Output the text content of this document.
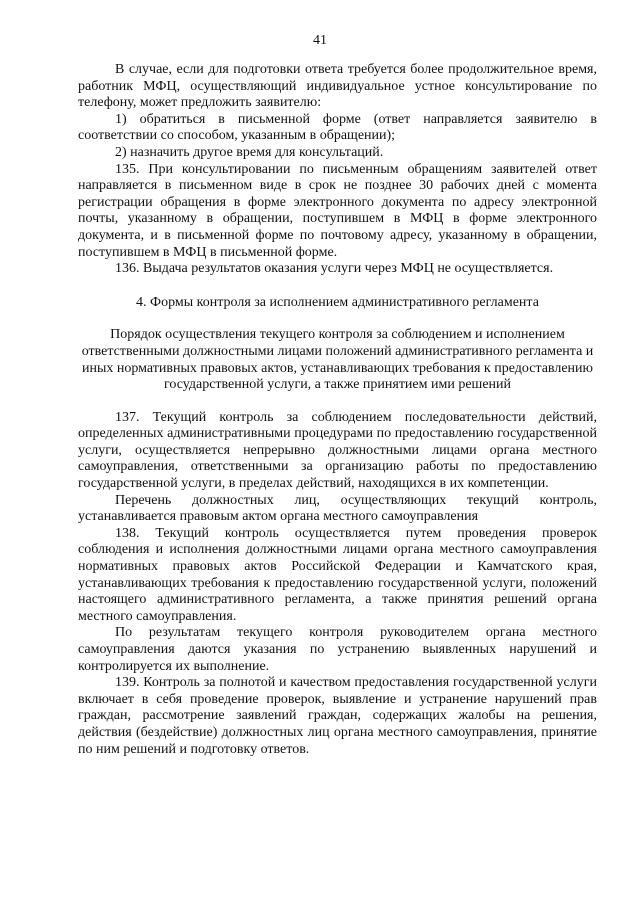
41

В случае, если для подготовки ответа требуется более продолжительное время, работник МФЦ, осуществляющий индивидуальное устное консультирование по телефону, может предложить заявителю:

1) обратиться в письменной форме (ответ направляется заявителю в соответствии со способом, указанным в обращении);

2) назначить другое время для консультаций.

135. При консультировании по письменным обращениям заявителей ответ направляется в письменном виде в срок не позднее 30 рабочих дней с момента регистрации обращения в форме электронного документа по адресу электронной почты, указанному в обращении, поступившем в МФЦ в форме электронного документа, и в письменной форме по почтовому адресу, указанному в обращении, поступившем в МФЦ в письменной форме.

136. Выдача результатов оказания услуги через МФЦ не осуществляется.

4. Формы контроля за исполнением административного регламента

Порядок осуществления текущего контроля за соблюдением и исполнением ответственными должностными лицами положений административного регламента и иных нормативных правовых актов, устанавливающих требования к предоставлению государственной услуги, а также принятием ими решений

137. Текущий контроль за соблюдением последовательности действий, определенных административными процедурами по предоставлению государственной услуги, осуществляется непрерывно должностными лицами органа местного самоуправления, ответственными за организацию работы по предоставлению государственной услуги, в пределах действий, находящихся в их компетенции.

Перечень должностных лиц, осуществляющих текущий контроль, устанавливается правовым актом органа местного самоуправления

138. Текущий контроль осуществляется путем проведения проверок соблюдения и исполнения должностными лицами органа местного самоуправления нормативных правовых актов Российской Федерации и Камчатского края, устанавливающих требования к предоставлению государственной услуги, положений настоящего административного регламента, а также принятия решений органа местного самоуправления.

По результатам текущего контроля руководителем органа местного самоуправления даются указания по устранению выявленных нарушений и контролируется их выполнение.

139. Контроль за полнотой и качеством предоставления государственной услуги включает в себя проведение проверок, выявление и устранение нарушений прав граждан, рассмотрение заявлений граждан, содержащих жалобы на решения, действия (бездействие) должностных лиц органа местного самоуправления, принятие по ним решений и подготовку ответов.
